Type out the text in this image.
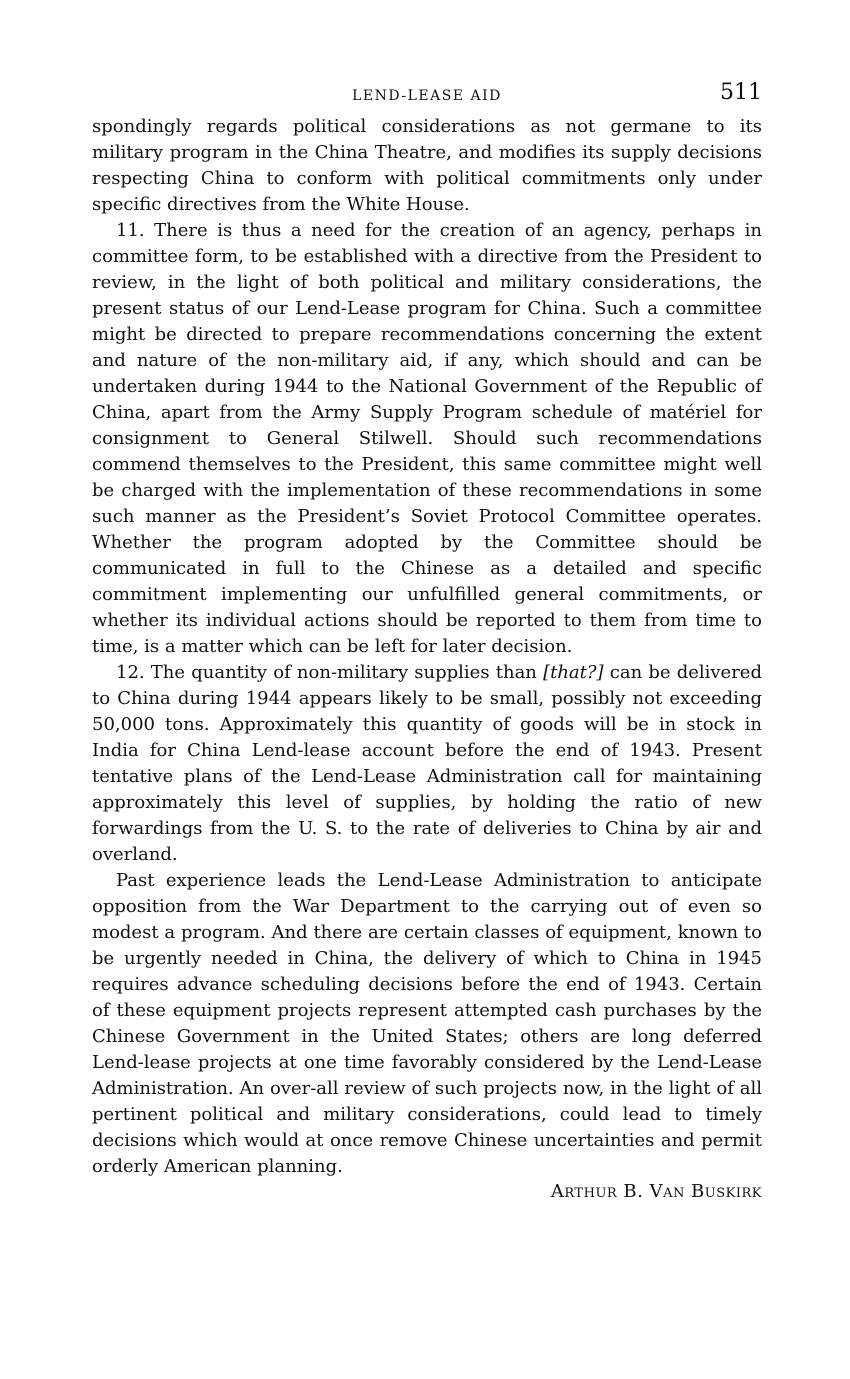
LEND-LEASE AID	511

spondingly regards political considerations as not germane to its military program in the China Theatre, and modifies its supply decisions respecting China to conform with political commitments only under specific directives from the White House.

11. There is thus a need for the creation of an agency, perhaps in committee form, to be established with a directive from the President to review, in the light of both political and military considerations, the present status of our Lend-Lease program for China. Such a committee might be directed to prepare recommendations concerning the extent and nature of the non-military aid, if any, which should and can be undertaken during 1944 to the National Government of the Republic of China, apart from the Army Supply Program schedule of matériel for consignment to General Stilwell. Should such recommendations commend themselves to the President, this same committee might well be charged with the implementation of these recommendations in some such manner as the President’s Soviet Protocol Committee operates. Whether the program adopted by the Committee should be communicated in full to the Chinese as a detailed and specific commitment implementing our unfulfilled general commitments, or whether its individual actions should be reported to them from time to time, is a matter which can be left for later decision.

12. The quantity of non-military supplies than [that?] can be delivered to China during 1944 appears likely to be small, possibly not exceeding 50,000 tons. Approximately this quantity of goods will be in stock in India for China Lend-lease account before the end of 1943. Present tentative plans of the Lend-Lease Administration call for maintaining approximately this level of supplies, by holding the ratio of new forwardings from the U. S. to the rate of deliveries to China by air and overland.

Past experience leads the Lend-Lease Administration to anticipate opposition from the War Department to the carrying out of even so modest a program. And there are certain classes of equipment, known to be urgently needed in China, the delivery of which to China in 1945 requires advance scheduling decisions before the end of 1943. Certain of these equipment projects represent attempted cash purchases by the Chinese Government in the United States; others are long deferred Lend-lease projects at one time favorably considered by the Lend-Lease Administration. An over-all review of such projects now, in the light of all pertinent political and military considerations, could lead to timely decisions which would at once remove Chinese uncertainties and permit orderly American planning.

Arthur B. Van Buskirk
